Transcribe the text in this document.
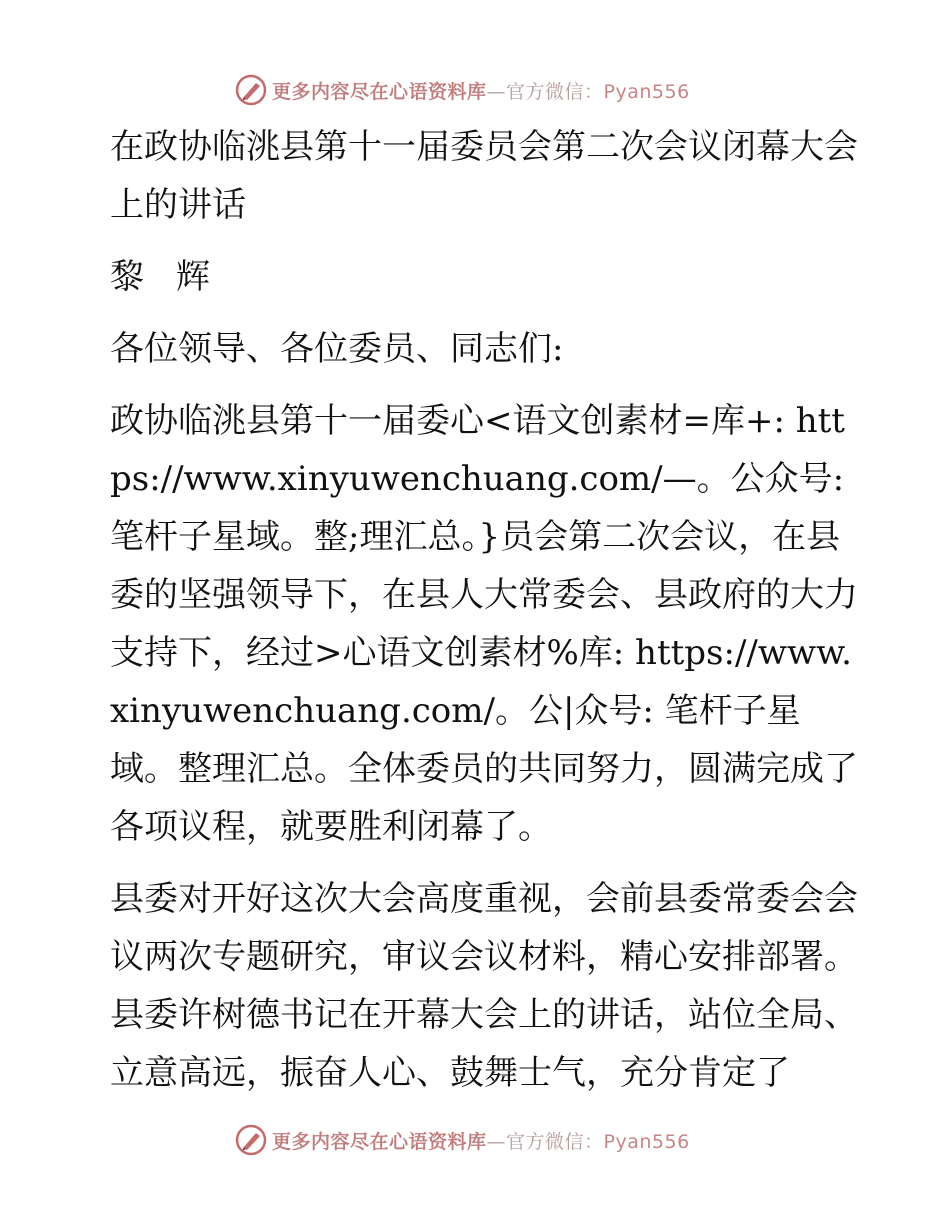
更多内容尽在心语资料库—官方微信：Pyan556

在政协临洮县第十一届委员会第二次会议闭幕大会上的讲话

黎辉

各位领导、各位委员、同志们:

政协临洮县第十一届委心<语文创素材=库+: https://www.xinyuwenchuang.com/—。公众号: 笔杆子星域。整;理汇总。}员会第二次会议，在县委的坚强领导下，在县人大常委会、县政府的大力支持下，经过>心语文创素材%库: https://www.xinyuwenchuang.com/。公|众号: 笔杆子星域。整理汇总。全体委员的共同努力，圆满完成了各项议程，就要胜利闭幕了。

县委对开好这次大会高度重视，会前县委常委会会议两次专题研究，审议会议材料，精心安排部署。县委许树德书记在开幕大会上的讲话，站位全局、立意高远，振奋人心、鼓舞士气，充分肯定了

更多内容尽在心语资料库—官方微信：Pyan556
